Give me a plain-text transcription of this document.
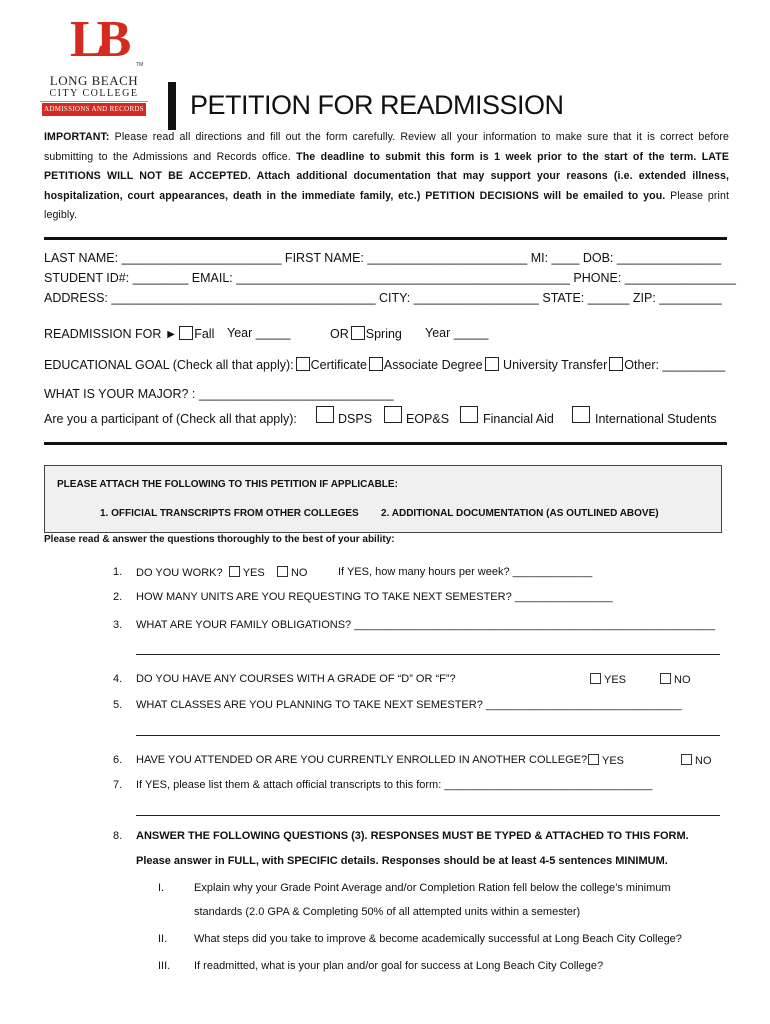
LB	TM
LONG BEACH
CITY COLLEGE
ADMISSIONS AND RECORDS PETITION FOR READMISSION
IMPORTANT: Please read all directions and fill out the form carefully. Review all your information to make sure that it is correct before submitting to the Admissions and Records office. The deadline to submit this form is 1 week prior to the start of the term. LATE PETITIONS WILL NOT BE ACCEPTED. Attach additional documentation that may support your reasons (i.e. extended illness, hospitalization, court appearances, death in the immediate family, etc.) PETITION DECISIONS will be emailed to you. Please print legibly.
LAST NAME: _______________________ FIRST NAME: _______________________ MI: ____ DOB: _______________
STUDENT ID#: ________ EMAIL: ________________________________________________ PHONE: ________________
ADDRESS: ______________________________________ CITY: __________________ STATE: ______ ZIP: _________
READMISSION FOR ► Fall Year _____	OR Spring Year _____
EDUCATIONAL GOAL (Check all that apply): Certificate Associate Degree University Transfer Other: _________
WHAT IS YOUR MAJOR? : ____________________________
Are you a participant of (Check all that apply):	DSPS	EOP&S	Financial Aid	International Students
PLEASE ATTACH THE FOLLOWING TO THIS PETITION IF APPLICABLE:
1. OFFICIAL TRANSCRIPTS FROM OTHER COLLEGES 2. ADDITIONAL DOCUMENTATION (AS OUTLINED ABOVE)
Please read & answer the questions thoroughly to the best of your ability:
1. DO YOU WORK? YES NO	If YES, how many hours per week? _____________
2. HOW MANY UNITS ARE YOU REQUESTING TO TAKE NEXT SEMESTER? ________________
3. WHAT ARE YOUR FAMILY OBLIGATIONS? ___________________________________________________________
4. DO YOU HAVE ANY COURSES WITH A GRADE OF “D” OR “F”?	YES	NO
5. WHAT CLASSES ARE YOU PLANNING TO TAKE NEXT SEMESTER? ________________________________
6. HAVE YOU ATTENDED OR ARE YOU CURRENTLY ENROLLED IN ANOTHER COLLEGE?	YES	NO
7. If YES, please list them & attach official transcripts to this form: __________________________________
8. ANSWER THE FOLLOWING QUESTIONS (3). RESPONSES MUST BE TYPED & ATTACHED TO THIS FORM.
Please answer in FULL, with SPECIFIC details. Responses should be at least 4-5 sentences MINIMUM.
I.	Explain why your Grade Point Average and/or Completion Ration fell below the college’s minimum
standards (2.0 GPA & Completing 50% of all attempted units within a semester)
II. What steps did you take to improve & become academically successful at Long Beach City College?
III. If readmitted, what is your plan and/or goal for success at Long Beach City College?
